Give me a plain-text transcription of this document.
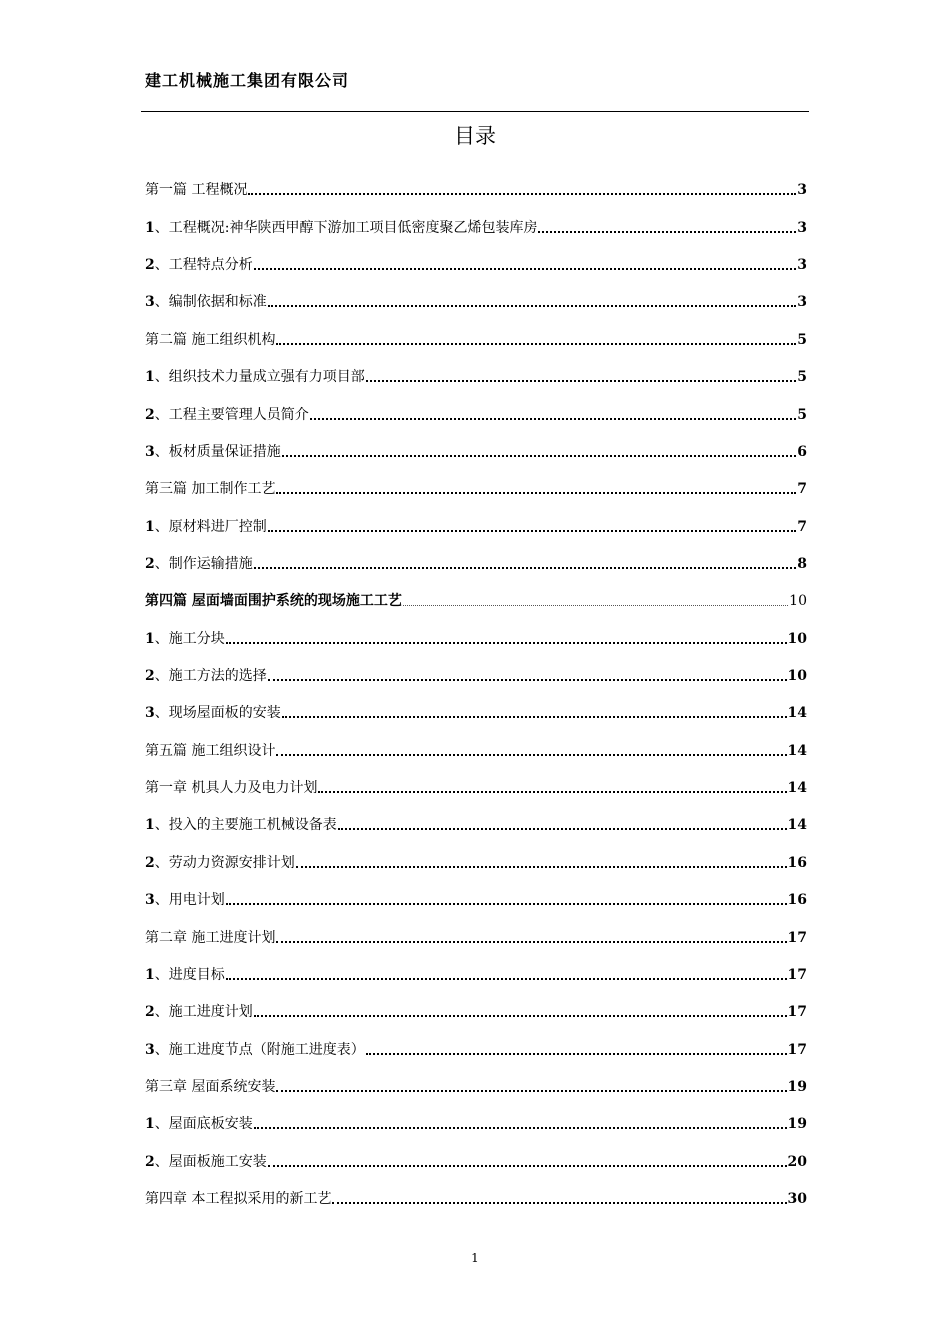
建工机械施工集团有限公司
目录
第一篇 工程概况	3
1、工程概况:神华陕西甲醇下游加工项目低密度聚乙烯包装库房	3
2、工程特点分析	3
3、编制依据和标准	3
第二篇 施工组织机构	5
1、组织技术力量成立强有力项目部	5
2、工程主要管理人员简介	5
3、板材质量保证措施	6
第三篇 加工制作工艺	7
1、原材料进厂控制	7
2、制作运输措施	8
第四篇 屋面墙面围护系统的现场施工工艺	10
1、施工分块	10
2、施工方法的选择	10
3、现场屋面板的安装	14
第五篇 施工组织设计	14
第一章 机具人力及电力计划	14
1、投入的主要施工机械设备表	14
2、劳动力资源安排计划	16
3、用电计划	16
第二章 施工进度计划	17
1、进度目标	17
2、施工进度计划	17
3、施工进度节点（附施工进度表）	17
第三章 屋面系统安装	19
1、屋面底板安装	19
2、屋面板施工安装	20
第四章 本工程拟采用的新工艺	30
1
